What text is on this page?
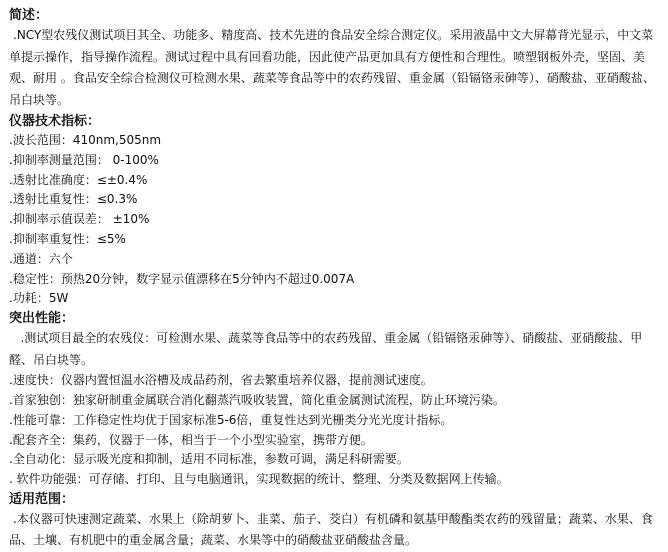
简述：

.NCY型农残仪测试项目其全、功能多、精度高、技术先进的食品安全综合测定仪。采用液晶中文大屏幕背光显示，中文菜单提示操作，指导操作流程。测试过程中具有回看功能，因此使产品更加具有方便性和合理性。喷塑钢板外壳，坚固、美观、耐用 。食品安全综合检测仪可检测水果、蔬菜等食品等中的农药残留、重金属（铅镉铬汞砷等）、硝酸盐、亚硝酸盐、吊白块等。

仪器技术指标：

.波长范围：410nm,505nm

.抑制率测量范围： 0-100%

.透射比准确度：≤±0.4%

.透射比重复性：≤0.3%

.抑制率示值误差： ±10%

.抑制率重复性：≤5%

.通道：六个

.稳定性：预热20分钟，数字显示值漂移在5分钟内不超过0.007A

.功耗：5W

突出性能：

.测试项目最全的农残仪：可检测水果、蔬菜等食品等中的农药残留、重金属（铅镉铬汞砷等）、硝酸盐、亚硝酸盐、甲醛、吊白块等。

.速度快：仪器内置恒温水浴槽及成品药剂，省去繁重培养仪器，提前测试速度。

.首家独创：独家研制重金属联合消化翻蒸汽吸收装置，简化重金属测试流程，防止环境污染。

.性能可靠：工作稳定性均优于国家标准5-6倍，重复性达到光栅类分光光度计指标。

.配套齐全：集药，仪器于一体，相当于一个小型实验室，携带方便。

.全自动化：显示吸光度和抑制，适用不同标准，参数可调，满足科研需要。

. 软件功能强：可存储、打印、且与电脑通讯，实现数据的统计、整理、分类及数据网上传输。

适用范围：

.本仪器可快速测定蔬菜、水果上（除胡萝卜、韭菜、茄子、茭白）有机磷和氨基甲酸酯类农药的残留量；蔬菜、水果、食品、土壤、有机肥中的重金属含量；蔬菜、水果等中的硝酸盐亚硝酸盐含量。
